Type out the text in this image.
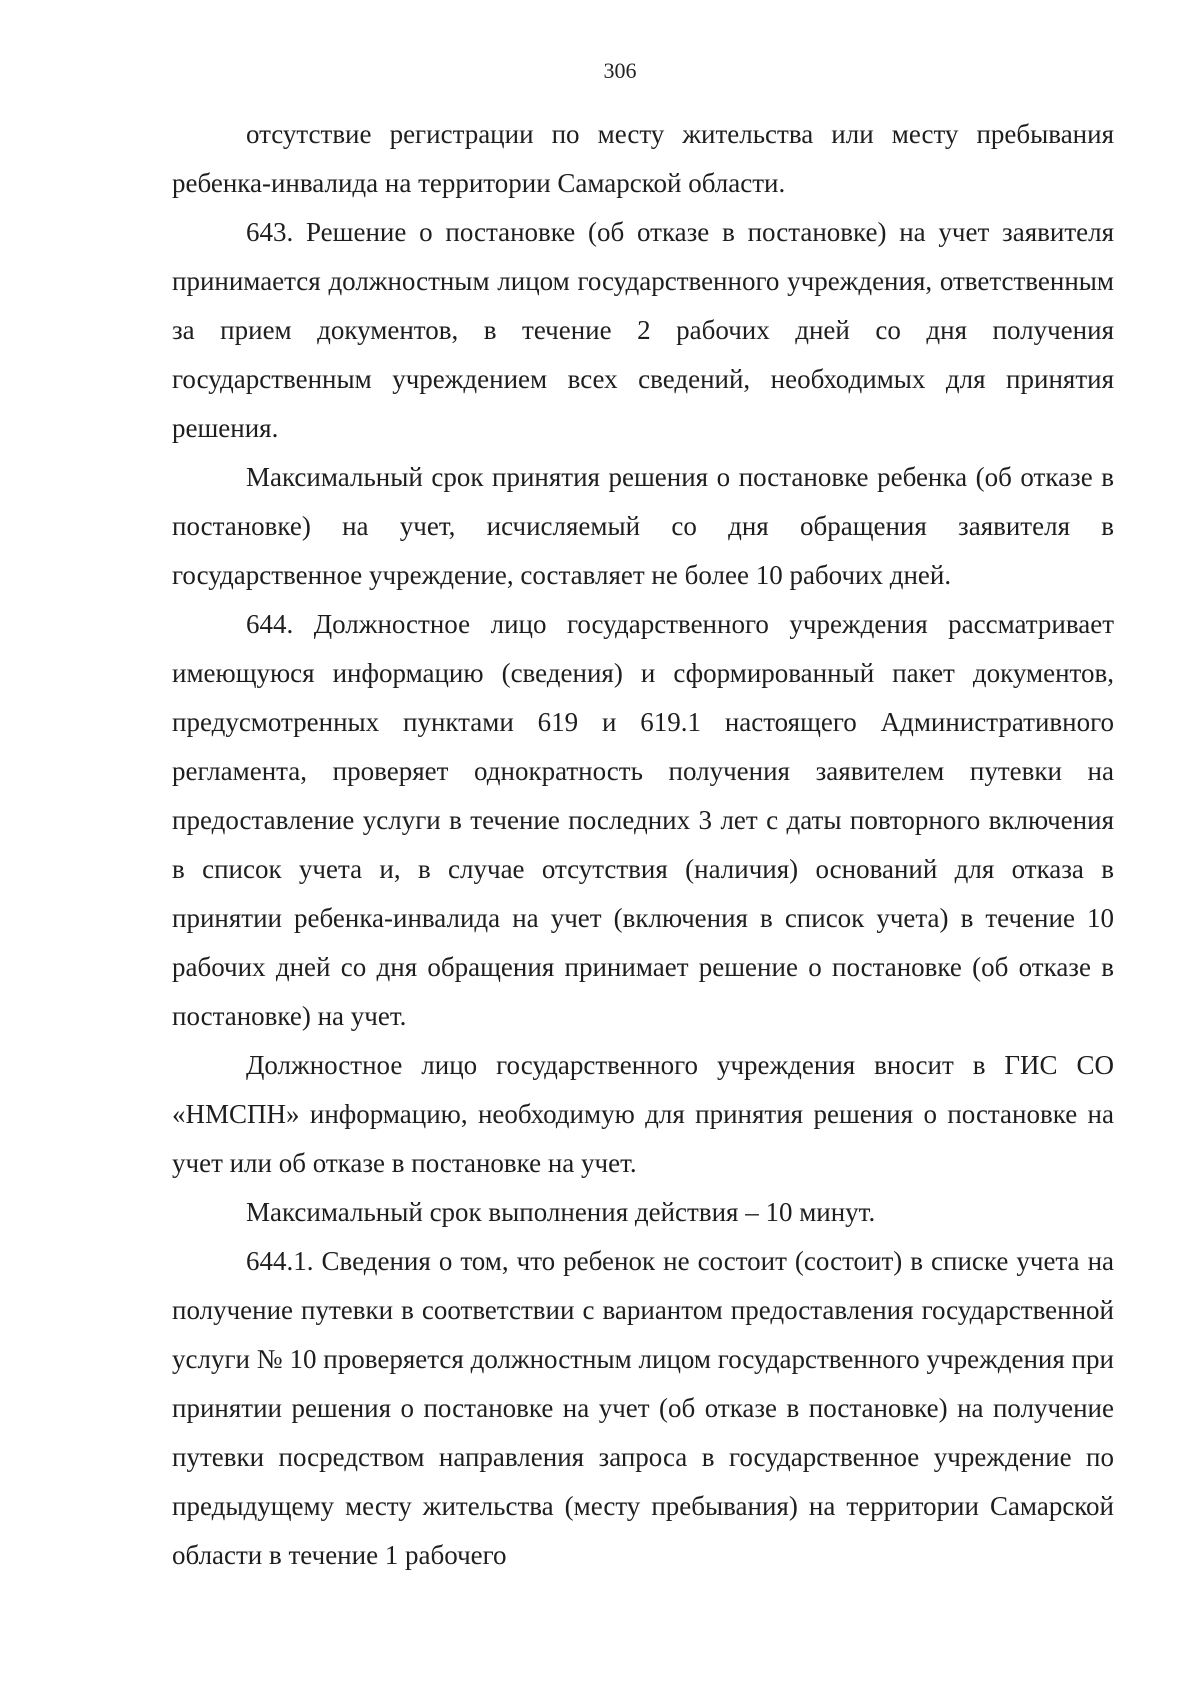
306

отсутствие регистрации по месту жительства или месту пребывания ребенка-инвалида на территории Самарской области.

643. Решение о постановке (об отказе в постановке) на учет заявителя принимается должностным лицом государственного учреждения, ответственным за прием документов, в течение 2 рабочих дней со дня получения государственным учреждением всех сведений, необходимых для принятия решения.

Максимальный срок принятия решения о постановке ребенка (об отказе в постановке) на учет, исчисляемый со дня обращения заявителя в государственное учреждение, составляет не более 10 рабочих дней.

644. Должностное лицо государственного учреждения рассматривает имеющуюся информацию (сведения) и сформированный пакет документов, предусмотренных пунктами 619 и 619.1 настоящего Административного регламента, проверяет однократность получения заявителем путевки на предоставление услуги в течение последних 3 лет с даты повторного включения в список учета и, в случае отсутствия (наличия) оснований для отказа в принятии ребенка-инвалида на учет (включения в список учета) в течение 10 рабочих дней со дня обращения принимает решение о постановке (об отказе в постановке) на учет.

Должностное лицо государственного учреждения вносит в ГИС СО «НМСПН» информацию, необходимую для принятия решения о постановке на учет или об отказе в постановке на учет.

Максимальный срок выполнения действия – 10 минут.

644.1. Сведения о том, что ребенок не состоит (состоит) в списке учета на получение путевки в соответствии с вариантом предоставления государственной услуги № 10 проверяется должностным лицом государственного учреждения при принятии решения о постановке на учет (об отказе в постановке) на получение путевки посредством направления запроса в государственное учреждение по предыдущему месту жительства (месту пребывания) на территории Самарской области в течение 1 рабочего
